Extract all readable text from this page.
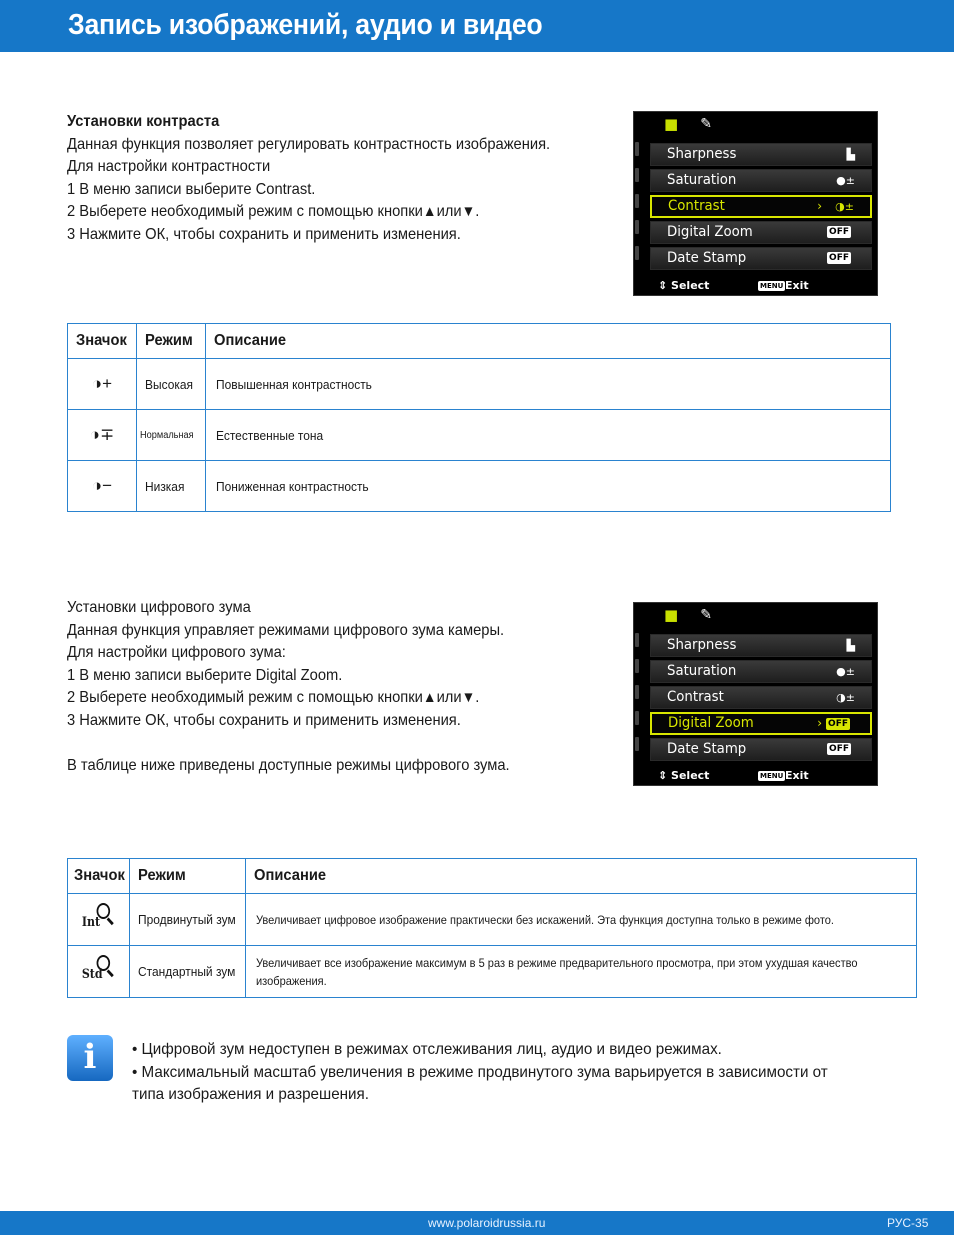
Запись изображений, аудио и видео

Установки контраста

Данная функция позволяет регулировать контрастность изображения.

Для настройки контрастности

1 В меню записи выберите Contrast.

2 Выберете необходимый режим с помощью кнопки▲или▼.

3 Нажмите ОК, чтобы сохранить и применить изменения.

■ ✎
Sharpness	▙
Saturation	●±
Contrast	› ◑±
Digital Zoom	OFF
Date Stamp	OFF
⇕ Select	MENU Exit
Значок	Режим	Описание
◑+	Высокая	Повышенная контрастность
◑∓	Нормальная	Естественные тона
◑−	Низкая	Пониженная контрастность

Установки цифрового зума

Данная функция управляет режимами цифрового зума камеры.

Для настройки цифрового зума:

1 В меню записи выберите Digital Zoom.

2 Выберете необходимый режим с помощью кнопки▲или▼.

3 Нажмите ОК, чтобы сохранить и применить изменения.

В таблице ниже приведены доступные режимы цифрового зума.

■ ✎
Sharpness	▙
Saturation	●±
Contrast	◑±
Digital Zoom	› OFF
Date Stamp	OFF
⇕ Select	MENU Exit
Значок	Режим	Описание

Int	Продвинутый зум	Увеличивает цифровое изображение практически без искажений. Эта функция доступна только в режиме фото.

Std	Стандартный зум	Увеличивает все изображение максимум в 5 раз в режиме предварительного просмотра, при этом ухудшая качество изображения.
i	• Цифровой зум недоступен в режимах отслеживания лиц, аудио и видео режимах.

• Максимальный масштаб увеличения в режиме продвинутого зума варьируется в зависимости от типа изображения и разрешения.

www.polaroidrussia.ru	РУС-35
